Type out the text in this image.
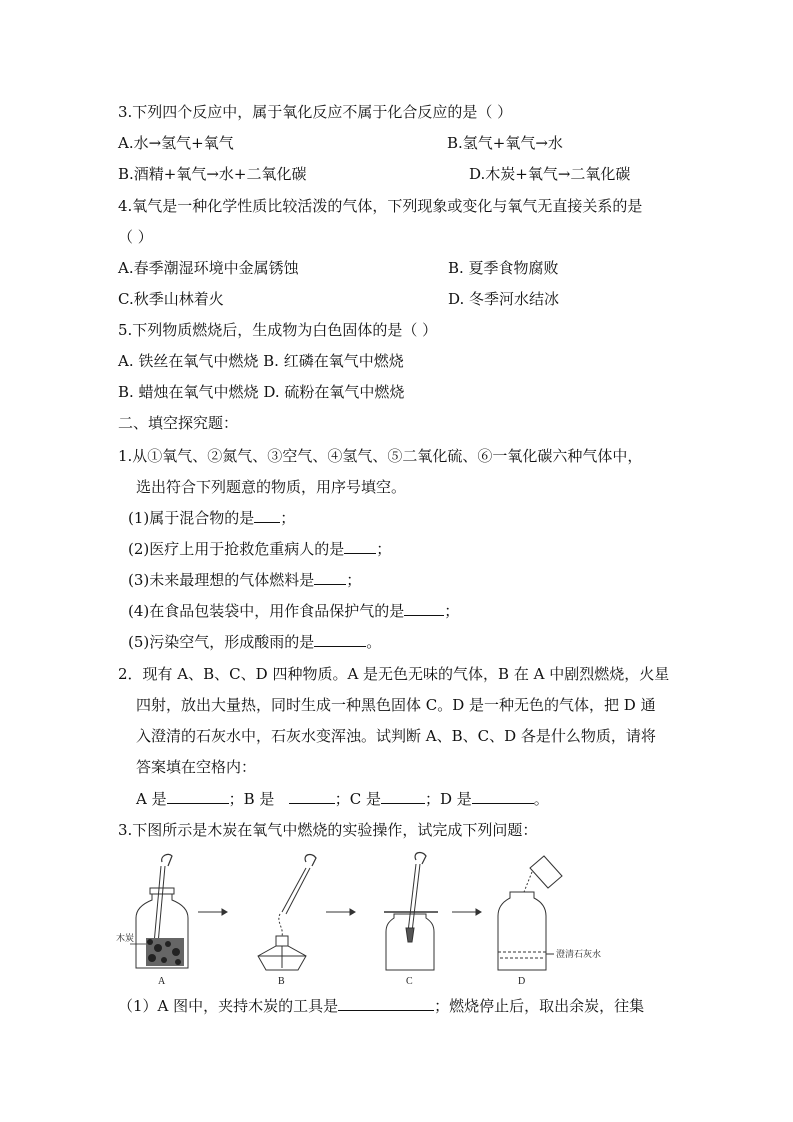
3.下列四个反应中，属于氧化反应不属于化合反应的是（ ）
A.水→氢气+氧气	B.氢气+氧气→水
B.酒精+氧气→水+二氧化碳	D.木炭+氧气→二氧化碳
4.氧气是一种化学性质比较活泼的气体，下列现象或变化与氧气无直接关系的是
（ ）
A.春季潮湿环境中金属锈蚀	B. 夏季食物腐败
C.秋季山林着火	D. 冬季河水结冰
5.下列物质燃烧后，生成物为白色固体的是（ ）
A. 铁丝在氧气中燃烧 B. 红磷在氧气中燃烧
B. 蜡烛在氧气中燃烧 D. 硫粉在氧气中燃烧
二、填空探究题：
1.从①氧气、②氮气、③空气、④氢气、⑤二氧化硫、⑥一氧化碳六种气体中，
选出符合下列题意的物质，用序号填空。
(1)属于混合物的是 ；
(2)医疗上用于抢救危重病人的是 ；
(3)未来最理想的气体燃料是 ；
(4)在食品包装袋中，用作食品保护气的是	；
(5)污染空气，形成酸雨的是	。
2．现有 A、B、C、D 四种物质。A 是无色无味的气体，B 在 A 中剧烈燃烧，火星
四射，放出大量热，同时生成一种黑色固体 C。D 是一种无色的气体，把 D 通
入澄清的石灰水中，石灰水变浑浊。试判断 A、B、C、D 各是什么物质，请将
答案填在空格内：
A 是	；B 是	；C 是	；D 是	。
3.下图所示是木炭在氧气中燃烧的实验操作，试完成下列问题：
木炭
A	B	C
澄清石灰水
D
（1）A 图中，夹持木炭的工具是	；燃烧停止后，取出余炭，往集
